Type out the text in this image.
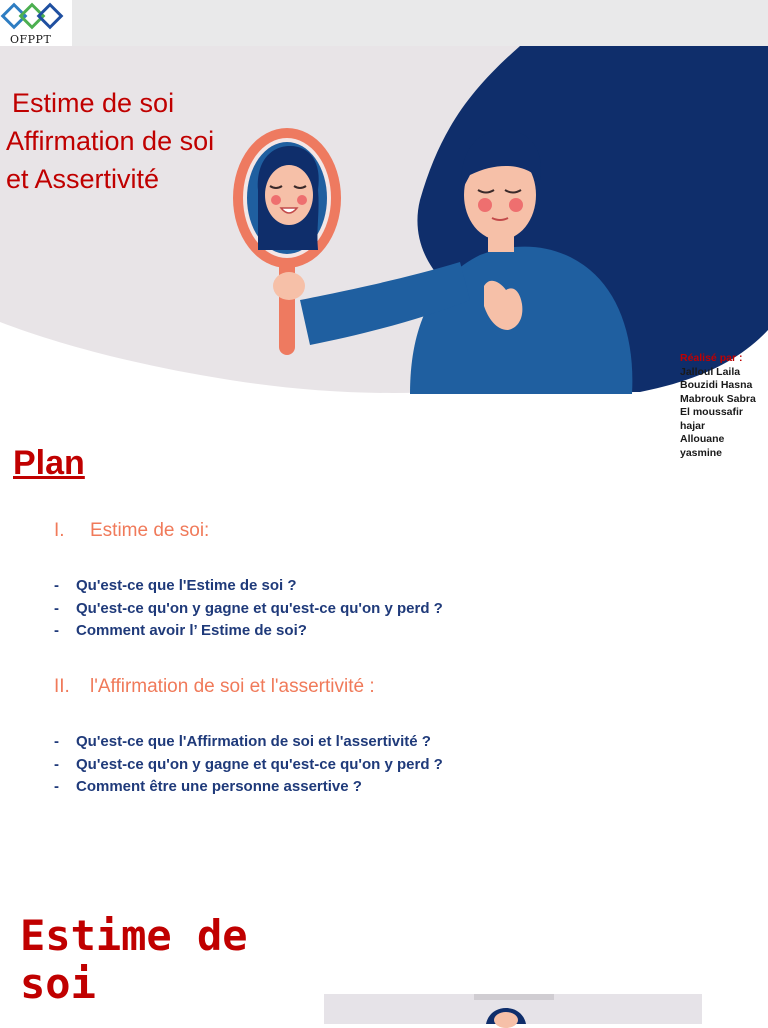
OFPPT
Estime de soi
Affirmation de soi
et Assertivité
Réalisé par :
Jalloul Laila
Bouzidi Hasna
Mabrouk Sabra
El moussafir hajar
Allouane yasmine
Plan
I. Estime de soi:
- Qu'est-ce que l'Estime de soi ?
- Qu'est-ce qu'on y gagne et qu'est-ce qu'on y perd ?
- Comment avoir l’ Estime de soi?
II. l'Affirmation de soi et l'assertivité :
- Qu'est-ce que l'Affirmation de soi et l'assertivité ?
- Qu'est-ce qu'on y gagne et qu'est-ce qu'on y perd ?
- Comment être une personne assertive ?
Estime de soi
